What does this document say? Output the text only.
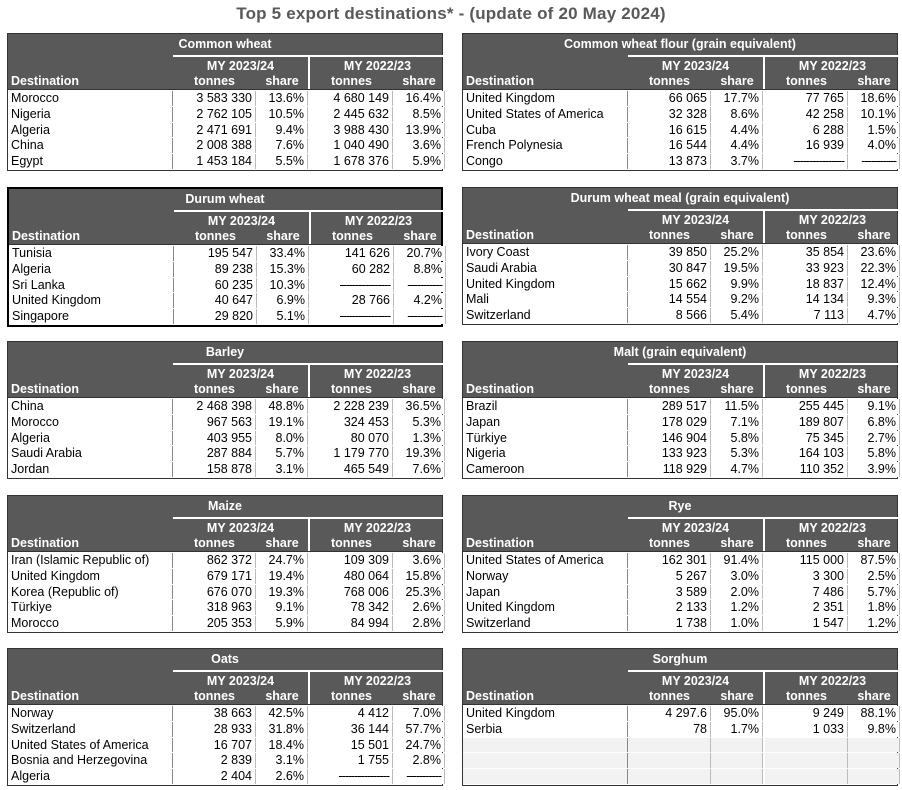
Top 5 export destinations* - (update of 20 May 2024)
Common wheat
MY 2023/24	MY 2022/23
Destination	tonnes	share	tonnes	share
Morocco	3 583 330	13.6%	4 680 149	16.4%
Nigeria	2 762 105	10.5%	2 445 632	8.5%
Algeria	2 471 691	9.4%	3 988 430	13.9%
China	2 008 388	7.6%	1 040 490	3.6%
Egypt	1 453 184	5.5%	1 678 376	5.9%
Common wheat flour (grain equivalent)
MY 2023/24	MY 2022/23
Destination	tonnes	share	tonnes	share
United Kingdom	66 065	17.7%	77 765	18.6%
United States of America	32 328	8.6%	42 258	10.1%
Cuba	16 615	4.4%	6 288	1.5%
French Polynesia	16 544	4.4%	16 939	4.0%
Congo	13 873	3.7%	----------------	-----------
Durum wheat
MY 2023/24	MY 2022/23
Destination	tonnes	share	tonnes	share
Tunisia	195 547	33.4%	141 626	20.7%
Algeria	89 238	15.3%	60 282	8.8%
Sri Lanka	60 235	10.3%	----------------	-----------
United Kingdom	40 647	6.9%	28 766	4.2%
Singapore	29 820	5.1%	----------------	-----------
Durum wheat meal (grain equivalent)
MY 2023/24	MY 2022/23
Destination	tonnes	share	tonnes	share
Ivory Coast	39 850	25.2%	35 854	23.6%
Saudi Arabia	30 847	19.5%	33 923	22.3%
United Kingdom	15 662	9.9%	18 837	12.4%
Mali	14 554	9.2%	14 134	9.3%
Switzerland	8 566	5.4%	7 113	4.7%
Barley
MY 2023/24	MY 2022/23
Destination	tonnes	share	tonnes	share
China	2 468 398	48.8%	2 228 239	36.5%
Morocco	967 563	19.1%	324 453	5.3%
Algeria	403 955	8.0%	80 070	1.3%
Saudi Arabia	287 884	5.7%	1 179 770	19.3%
Jordan	158 878	3.1%	465 549	7.6%
Malt (grain equivalent)
MY 2023/24	MY 2022/23
Destination	tonnes	share	tonnes	share
Brazil	289 517	11.5%	255 445	9.1%
Japan	178 029	7.1%	189 807	6.8%
Türkiye	146 904	5.8%	75 345	2.7%
Nigeria	133 923	5.3%	164 103	5.8%
Cameroon	118 929	4.7%	110 352	3.9%
Maize
MY 2023/24	MY 2022/23
Destination	tonnes	share	tonnes	share
Iran (Islamic Republic of)	862 372	24.7%	109 309	3.6%
United Kingdom	679 171	19.4%	480 064	15.8%
Korea (Republic of)	676 070	19.3%	768 006	25.3%
Türkiye	318 963	9.1%	78 342	2.6%
Morocco	205 353	5.9%	84 994	2.8%
Rye
MY 2023/24	MY 2022/23
Destination	tonnes	share	tonnes	share
United States of America	162 301	91.4%	115 000	87.5%
Norway	5 267	3.0%	3 300	2.5%
Japan	3 589	2.0%	7 486	5.7%
United Kingdom	2 133	1.2%	2 351	1.8%
Switzerland	1 738	1.0%	1 547	1.2%
Oats
MY 2023/24	MY 2022/23
Destination	tonnes	share	tonnes	share
Norway	38 663	42.5%	4 412	7.0%
Switzerland	28 933	31.8%	36 144	57.7%
United States of America	16 707	18.4%	15 501	24.7%
Bosnia and Herzegovina	2 839	3.1%	1 755	2.8%
Algeria	2 404	2.6%	----------------	-----------
Sorghum
MY 2023/24	MY 2022/23
Destination	tonnes	share	tonnes	share
United Kingdom	4 297.6	95.0%	9 249	88.1%
Serbia	78	1.7%	1 033	9.8%
